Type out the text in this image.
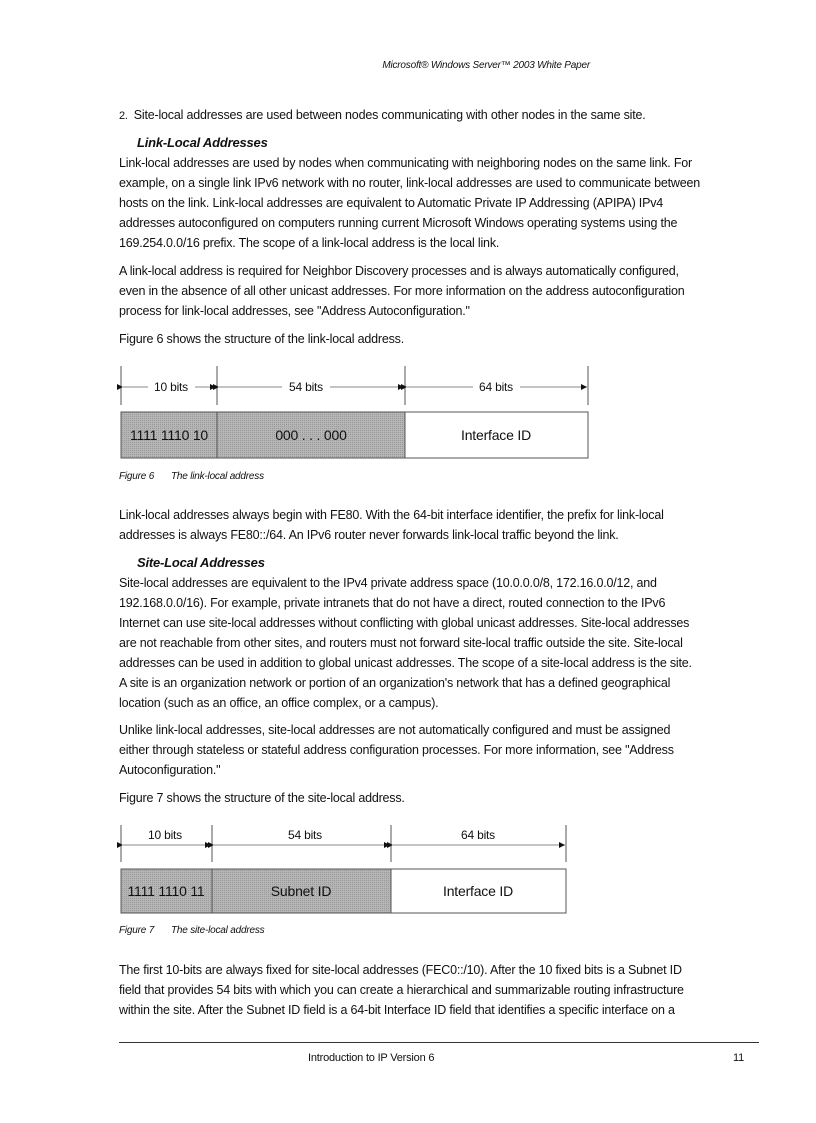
Microsoft® Windows Server™ 2003 White Paper
2. Site-local addresses are used between nodes communicating with other nodes in the same site.
Link-Local Addresses
Link-local addresses are used by nodes when communicating with neighboring nodes on the same link. For
example, on a single link IPv6 network with no router, link-local addresses are used to communicate between
hosts on the link. Link-local addresses are equivalent to Automatic Private IP Addressing (APIPA) IPv4
addresses autoconfigured on computers running current Microsoft Windows operating systems using the
169.254.0.0/16 prefix. The scope of a link-local address is the local link.
A link-local address is required for Neighbor Discovery processes and is always automatically configured,
even in the absence of all other unicast addresses. For more information on the address autoconfiguration
process for link-local addresses, see "Address Autoconfiguration."
Figure 6 shows the structure of the link-local address.
10 bits	54 bits	64 bits
1111 1110 10	000 . . . 000	Interface ID
10 bits	54 bits	64 bits
1111 1110 11	Subnet ID	Interface ID
Figure 6 The link-local address
Link-local addresses always begin with FE80. With the 64-bit interface identifier, the prefix for link-local
addresses is always FE80::/64. An IPv6 router never forwards link-local traffic beyond the link.
Site-Local Addresses
Site-local addresses are equivalent to the IPv4 private address space (10.0.0.0/8, 172.16.0.0/12, and
192.168.0.0/16). For example, private intranets that do not have a direct, routed connection to the IPv6
Internet can use site-local addresses without conflicting with global unicast addresses. Site-local addresses
are not reachable from other sites, and routers must not forward site-local traffic outside the site. Site-local
addresses can be used in addition to global unicast addresses. The scope of a site-local address is the site.
A site is an organization network or portion of an organization's network that has a defined geographical
location (such as an office, an office complex, or a campus).
Unlike link-local addresses, site-local addresses are not automatically configured and must be assigned
either through stateless or stateful address configuration processes. For more information, see "Address
Autoconfiguration."
Figure 7 shows the structure of the site-local address.
Figure 7 The site-local address
The first 10-bits are always fixed for site-local addresses (FEC0::/10). After the 10 fixed bits is a Subnet ID
field that provides 54 bits with which you can create a hierarchical and summarizable routing infrastructure
within the site. After the Subnet ID field is a 64-bit Interface ID field that identifies a specific interface on a
Introduction to IP Version 6	11
